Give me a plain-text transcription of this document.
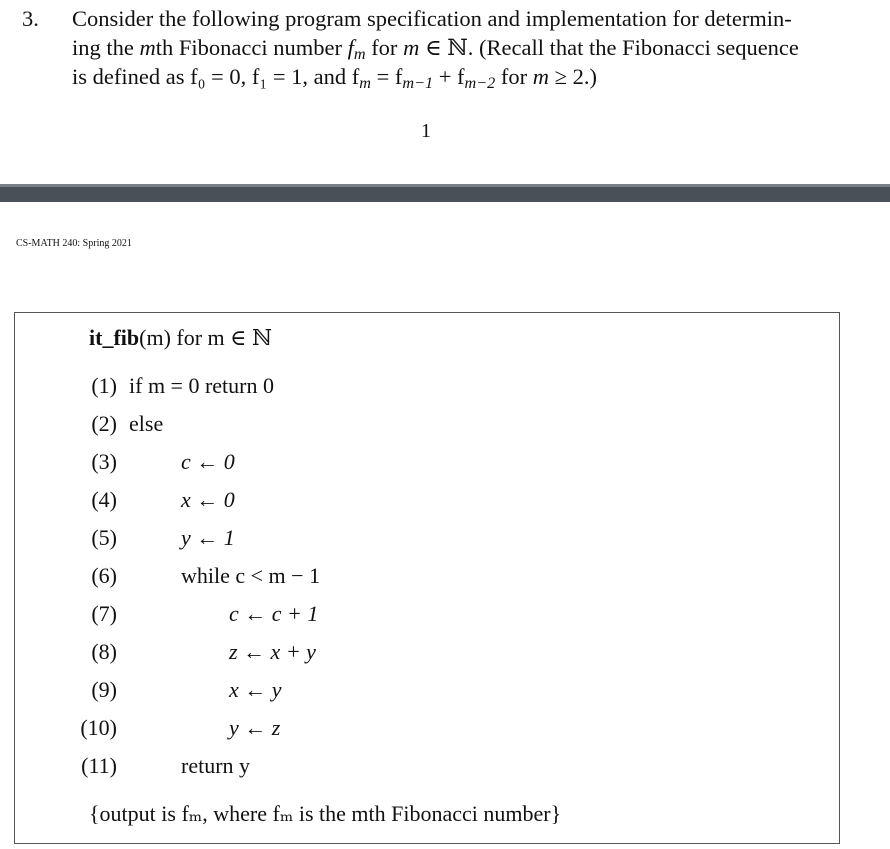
3. Consider the following program specification and implementation for determin-
ing the mth Fibonacci number $f_m$ for m ∈ ℕ. (Recall that the Fibonacci sequence
is defined as f₀ = 0, f₁ = 1, and $f_m = f_{m-1} + f_{m-2}$ for m ≥ 2.)
1
CS-MATH 240: Spring 2021
it_fib(m) for m ∈ ℕ
(1) if m = 0 return 0
(2) else
(3)	c ← 0
(4)	x ← 0
(5)	y ← 1
(6)	while c < m − 1
(7)	c ← c + 1
(8)	z ← x + y
(9)	x ← y
(10)	y ← z
(11)	return y
{output is fₘ, where fₘ is the mth Fibonacci number}
